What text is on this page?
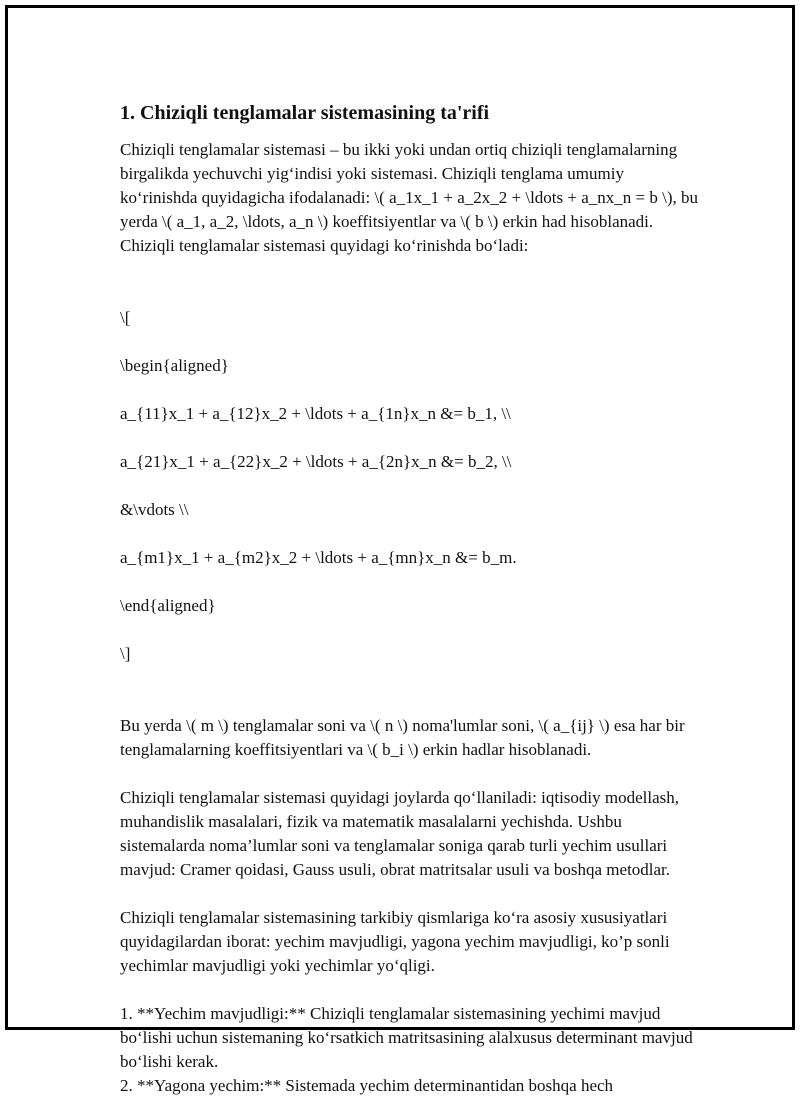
1. Chiziqli tenglamalar sistemasining ta'rifi

Chiziqli tenglamalar sistemasi – bu ikki yoki undan ortiq chiziqli tenglamalarning birgalikda yechuvchi yig‘indisi yoki sistemasi. Chiziqli tenglama umumiy ko‘rinishda quyidagicha ifodalanadi: \( a_1x_1 + a_2x_2 + \ldots + a_nx_n = b \), bu yerda \( a_1, a_2, \ldots, a_n \) koeffitsiyentlar va \( b \) erkin had hisoblanadi. Chiziqli tenglamalar sistemasi quyidagi ko‘rinishda bo‘ladi:

\[

\begin{aligned}

a_{11}x_1 + a_{12}x_2 + \ldots + a_{1n}x_n &= b_1, \\

a_{21}x_1 + a_{22}x_2 + \ldots + a_{2n}x_n &= b_2, \\

&\vdots \\

a_{m1}x_1 + a_{m2}x_2 + \ldots + a_{mn}x_n &= b_m.

\end{aligned}

\]

Bu yerda \( m \) tenglamalar soni va \( n \) noma'lumlar soni, \( a_{ij} \) esa har bir tenglamalarning koeffitsiyentlari va \( b_i \) erkin hadlar hisoblanadi.

Chiziqli tenglamalar sistemasi quyidagi joylarda qo‘llaniladi: iqtisodiy modellash, muhandislik masalalari, fizik va matematik masalalarni yechishda. Ushbu sistemalarda noma’lumlar soni va tenglamalar soniga qarab turli yechim usullari mavjud: Cramer qoidasi, Gauss usuli, obrat matritsalar usuli va boshqa metodlar.

Chiziqli tenglamalar sistemasining tarkibiy qismlariga ko‘ra asosiy xususiyatlari quyidagilardan iborat: yechim mavjudligi, yagona yechim mavjudligi, ko’p sonli yechimlar mavjudligi yoki yechimlar yo‘qligi.

1. **Yechim mavjudligi:** Chiziqli tenglamalar sistemasining yechimi mavjud bo‘lishi uchun sistemaning ko‘rsatkich matritsasining alalxusus determinant mavjud bo‘lishi kerak.

2. **Yagona yechim:** Sistemada yechim determinantidan boshqa hech
